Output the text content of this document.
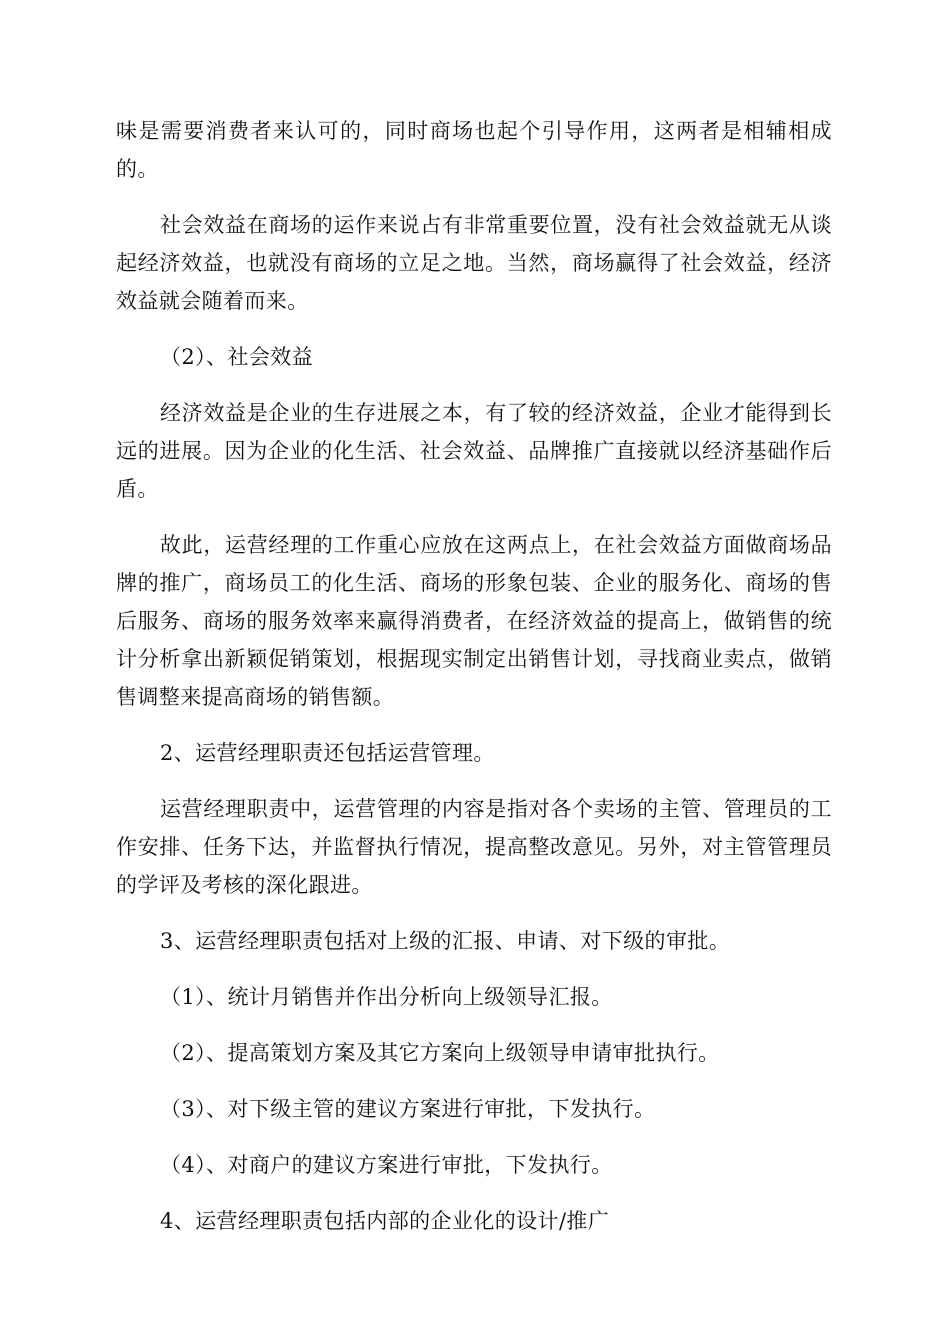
味是需要消费者来认可的，同时商场也起个引导作用，这两者是相辅相成的。

社会效益在商场的运作来说占有非常重要位置，没有社会效益就无从谈起经济效益，也就没有商场的立足之地。当然，商场赢得了社会效益，经济效益就会随着而来。

（2）、社会效益

经济效益是企业的生存进展之本，有了较的经济效益，企业才能得到长远的进展。因为企业的化生活、社会效益、品牌推广直接就以经济基础作后盾。

故此，运营经理的工作重心应放在这两点上，在社会效益方面做商场品牌的推广，商场员工的化生活、商场的形象包装、企业的服务化、商场的售后服务、商场的服务效率来赢得消费者，在经济效益的提高上，做销售的统计分析拿出新颖促销策划，根据现实制定出销售计划，寻找商业卖点，做销售调整来提高商场的销售额。

2、运营经理职责还包括运营管理。

运营经理职责中，运营管理的内容是指对各个卖场的主管、管理员的工作安排、任务下达，并监督执行情况，提高整改意见。另外，对主管管理员的学评及考核的深化跟进。

3、运营经理职责包括对上级的汇报、申请、对下级的审批。

（1）、统计月销售并作出分析向上级领导汇报。

（2）、提高策划方案及其它方案向上级领导申请审批执行。

（3）、对下级主管的建议方案进行审批，下发执行。

（4）、对商户的建议方案进行审批，下发执行。

4、运营经理职责包括内部的企业化的设计/推广
